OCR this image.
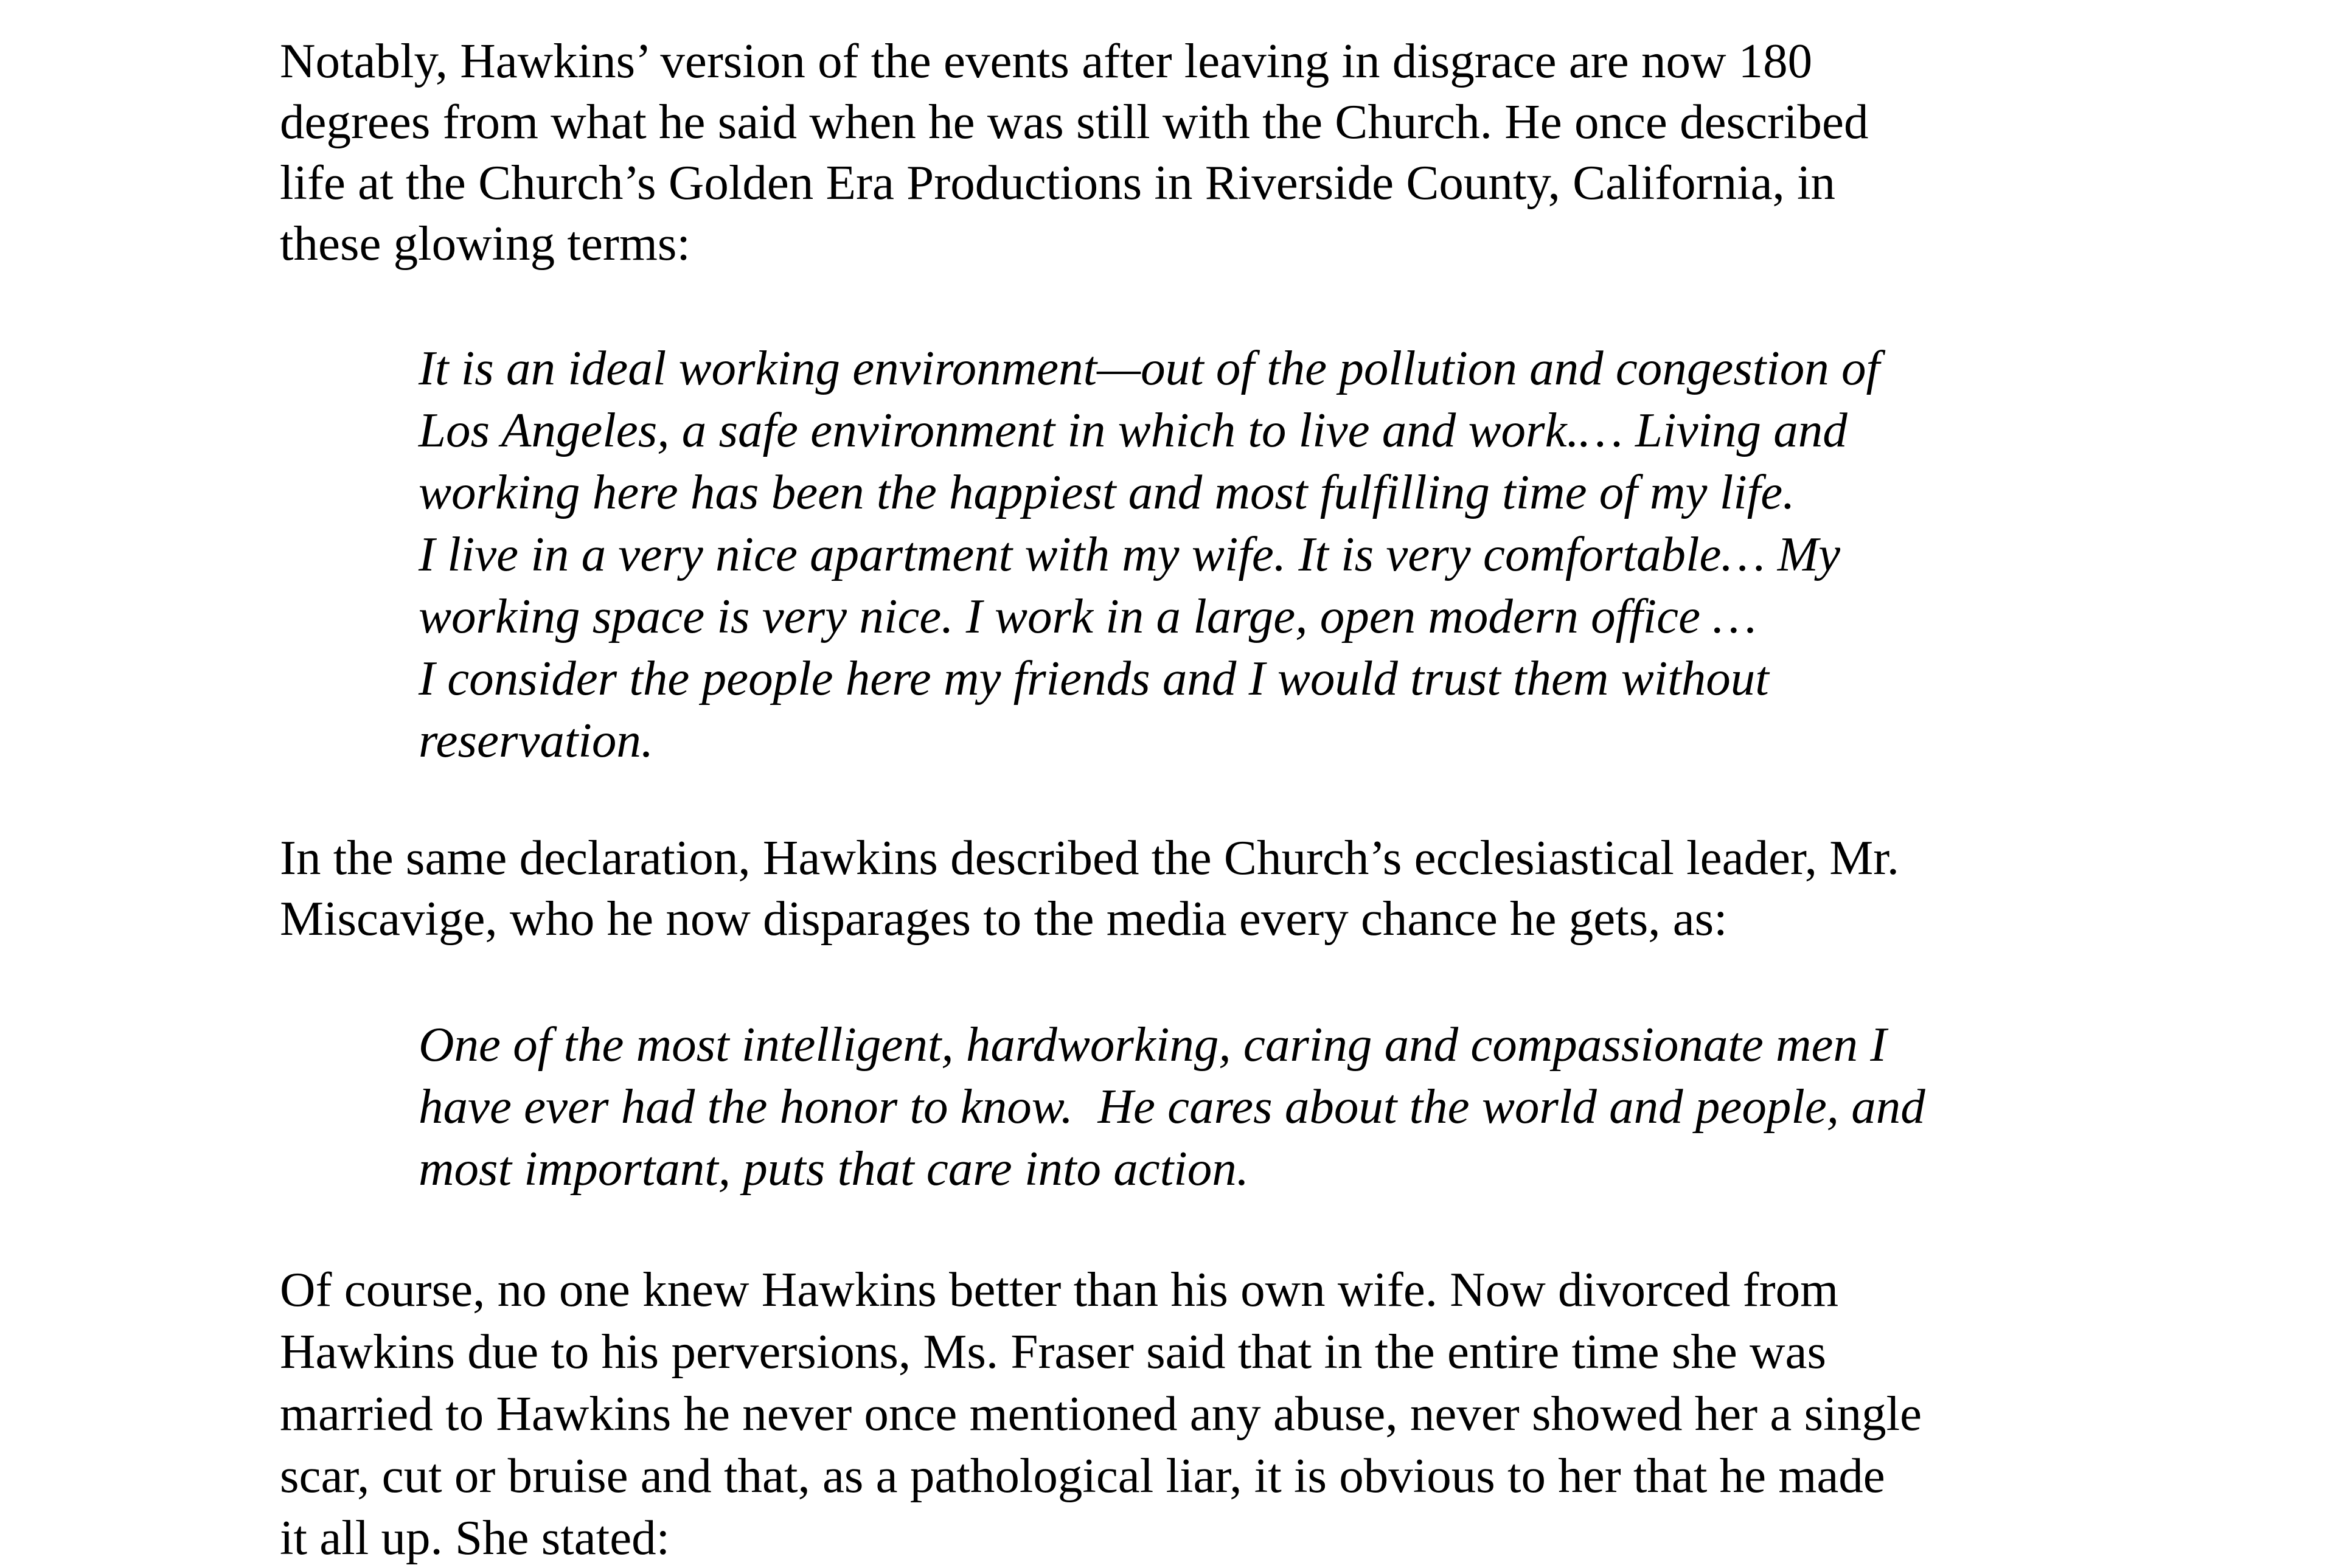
Notably, Hawkins’ version of the events after leaving in disgrace are now 180
degrees from what he said when he was still with the Church. He once described
life at the Church’s Golden Era Productions in Riverside County, California, in
these glowing terms:
It is an ideal working environment—out of the pollution and congestion of
Los Angeles, a safe environment in which to live and work.… Living and
working here has been the happiest and most fulfilling time of my life.
I live in a very nice apartment with my wife. It is very comfortable… My
working space is very nice. I work in a large, open modern office …
I consider the people here my friends and I would trust them without
reservation.
In the same declaration, Hawkins described the Church’s ecclesiastical leader, Mr.
Miscavige, who he now disparages to the media every chance he gets, as:
One of the most intelligent, hardworking, caring and compassionate men I
have ever had the honor to know.  He cares about the world and people, and
most important, puts that care into action.
Of course, no one knew Hawkins better than his own wife. Now divorced from
Hawkins due to his perversions, Ms. Fraser said that in the entire time she was
married to Hawkins he never once mentioned any abuse, never showed her a single
scar, cut or bruise and that, as a pathological liar, it is obvious to her that he made
it all up. She stated:
